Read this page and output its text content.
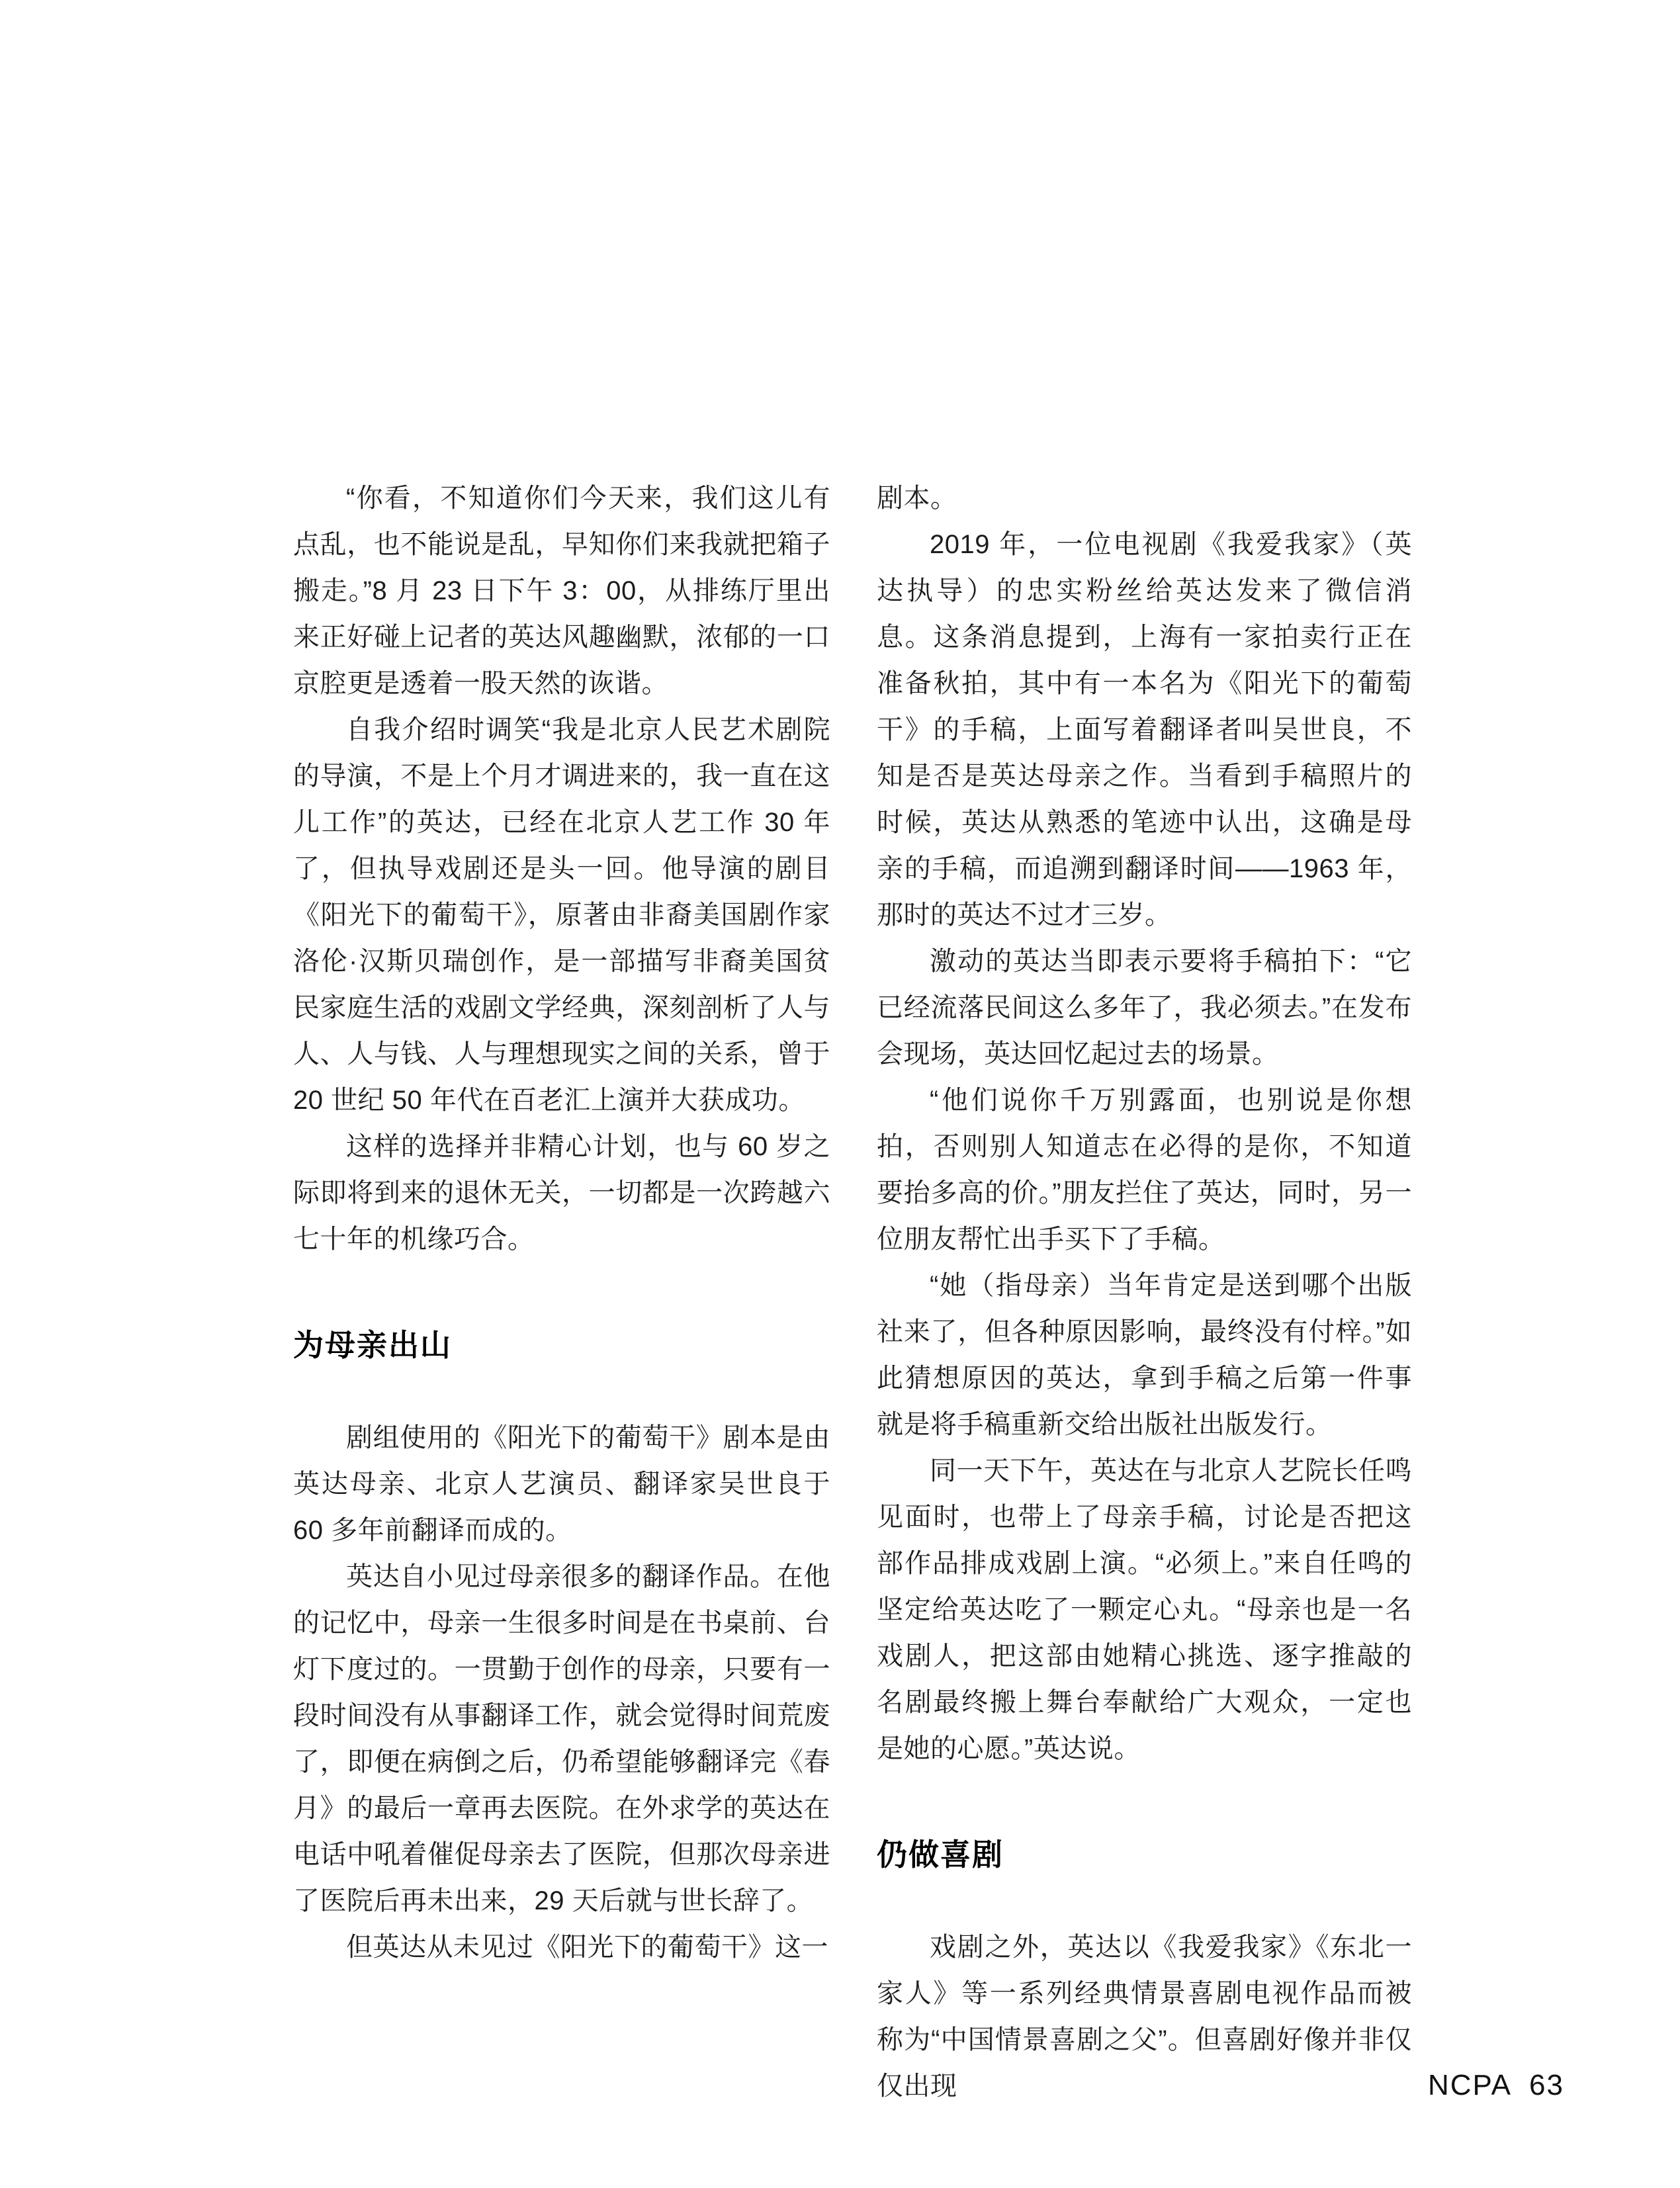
“你看，不知道你们今天来，我们这儿有点乱，也不能说是乱，早知你们来我就把箱子搬走。”8 月 23 日下午 3：00，从排练厅里出来正好碰上记者的英达风趣幽默，浓郁的一口京腔更是透着一股天然的诙谐。

自我介绍时调笑“我是北京人民艺术剧院的导演，不是上个月才调进来的，我一直在这儿工作”的英达，已经在北京人艺工作 30 年了，但执导戏剧还是头一回。他导演的剧目《阳光下的葡萄干》，原著由非裔美国剧作家洛伦·汉斯贝瑞创作，是一部描写非裔美国贫民家庭生活的戏剧文学经典，深刻剖析了人与人、人与钱、人与理想现实之间的关系，曾于 20 世纪 50 年代在百老汇上演并大获成功。

这样的选择并非精心计划，也与 60 岁之际即将到来的退休无关，一切都是一次跨越六七十年的机缘巧合。

为母亲出山

剧组使用的《阳光下的葡萄干》剧本是由英达母亲、北京人艺演员、翻译家吴世良于 60 多年前翻译而成的。

英达自小见过母亲很多的翻译作品。在他的记忆中，母亲一生很多时间是在书桌前、台灯下度过的。一贯勤于创作的母亲，只要有一段时间没有从事翻译工作，就会觉得时间荒废了，即便在病倒之后，仍希望能够翻译完《春月》的最后一章再去医院。在外求学的英达在电话中吼着催促母亲去了医院，但那次母亲进了医院后再未出来，29 天后就与世长辞了。

但英达从未见过《阳光下的葡萄干》这一

剧本。

2019 年，一位电视剧《我爱我家》（英达执导）的忠实粉丝给英达发来了微信消息。这条消息提到，上海有一家拍卖行正在准备秋拍，其中有一本名为《阳光下的葡萄干》的手稿，上面写着翻译者叫吴世良，不知是否是英达母亲之作。当看到手稿照片的时候，英达从熟悉的笔迹中认出，这确是母亲的手稿，而追溯到翻译时间——1963 年，那时的英达不过才三岁。

激动的英达当即表示要将手稿拍下：“它已经流落民间这么多年了，我必须去。”在发布会现场，英达回忆起过去的场景。

“他们说你千万别露面，也别说是你想拍，否则别人知道志在必得的是你，不知道要抬多高的价。”朋友拦住了英达，同时，另一位朋友帮忙出手买下了手稿。

“她（指母亲）当年肯定是送到哪个出版社来了，但各种原因影响，最终没有付梓。”如此猜想原因的英达，拿到手稿之后第一件事就是将手稿重新交给出版社出版发行。

同一天下午，英达在与北京人艺院长任鸣见面时，也带上了母亲手稿，讨论是否把这部作品排成戏剧上演。“必须上。”来自任鸣的坚定给英达吃了一颗定心丸。“母亲也是一名戏剧人，把这部由她精心挑选、逐字推敲的名剧最终搬上舞台奉献给广大观众，一定也是她的心愿。”英达说。

仍做喜剧

戏剧之外，英达以《我爱我家》《东北一家人》等一系列经典情景喜剧电视作品而被称为“中国情景喜剧之父”。但喜剧好像并非仅仅出现	NCPA 63
